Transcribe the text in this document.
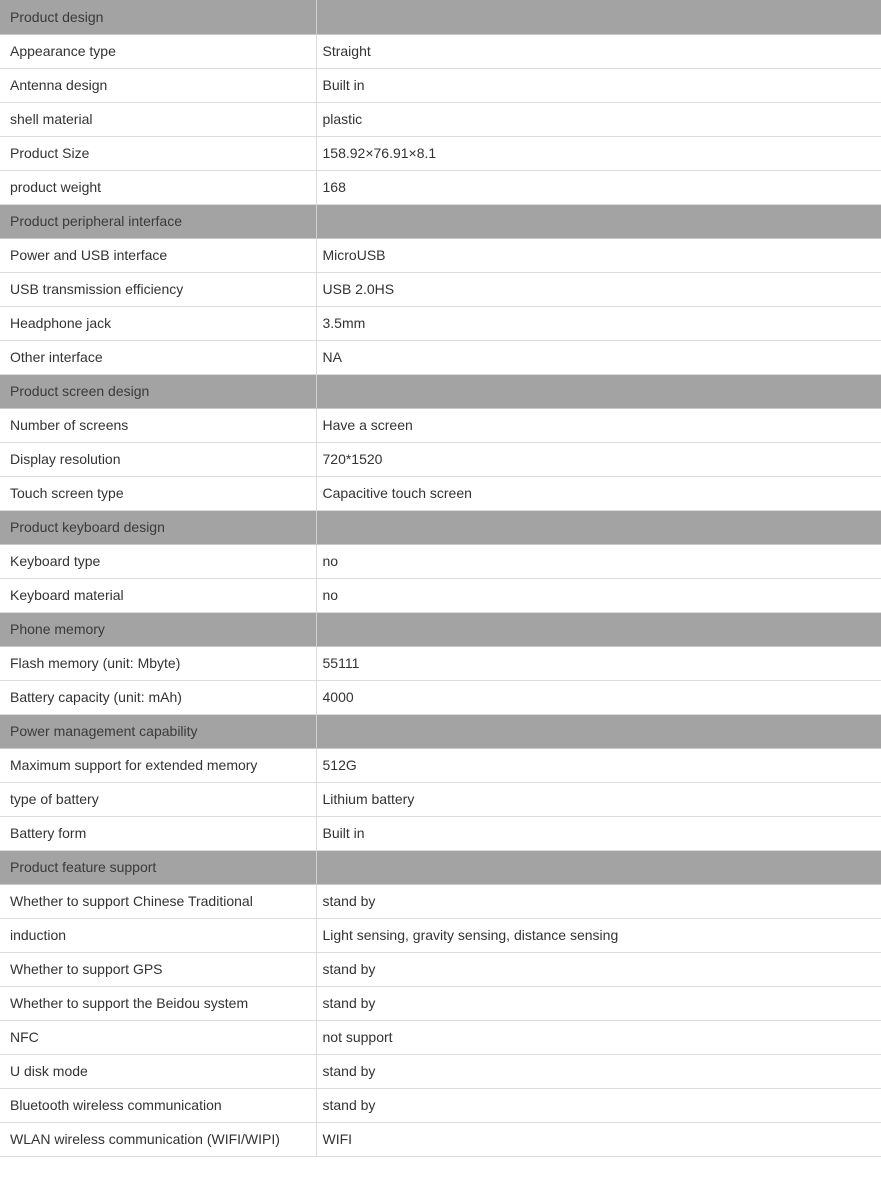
Product design	
Appearance type	Straight
Antenna design	Built in
shell material	plastic
Product Size	158.92×76.91×8.1
product weight	168
Product peripheral interface	
Power and USB interface	MicroUSB
USB transmission efficiency	USB 2.0HS
Headphone jack	3.5mm
Other interface	NA
Product screen design	
Number of screens	Have a screen
Display resolution	720*1520
Touch screen type	Capacitive touch screen
Product keyboard design	
Keyboard type	no
Keyboard material	no
Phone memory	
Flash memory (unit: Mbyte)	55111
Battery capacity (unit: mAh)	4000
Power management capability	
Maximum support for extended memory	512G
type of battery	Lithium battery
Battery form	Built in
Product feature support	
Whether to support Chinese Traditional	stand by
induction	Light sensing, gravity sensing, distance sensing
Whether to support GPS	stand by
Whether to support the Beidou system	stand by
NFC	not support
U disk mode	stand by
Bluetooth wireless communication	stand by
WLAN wireless communication (WIFI/WIPI)	WIFI
